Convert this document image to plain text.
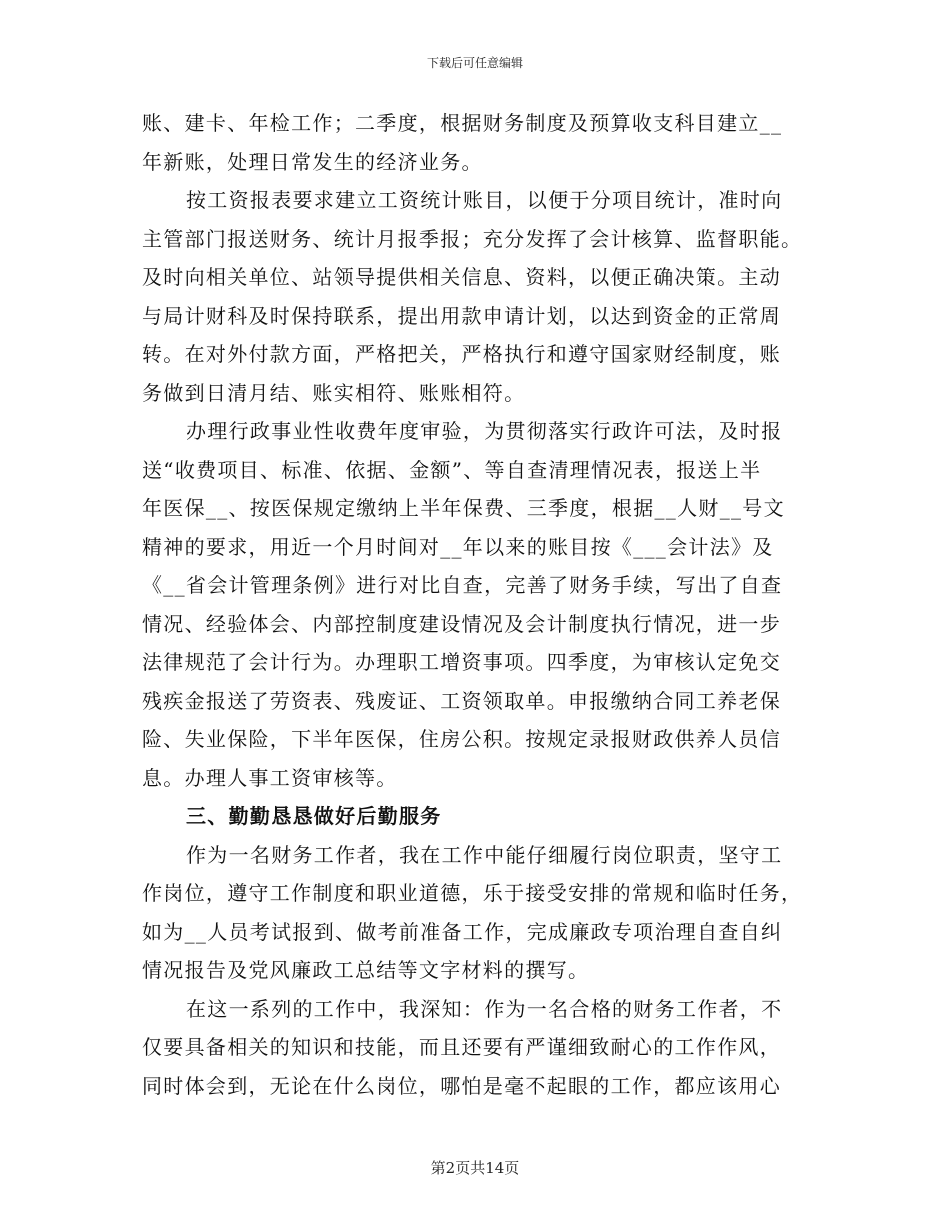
下载后可任意编辑
账、建卡、年检工作；二季度，根据财务制度及预算收支科目建立__
年新账，处理日常发生的经济业务。
按工资报表要求建立工资统计账目，以便于分项目统计，准时向
主管部门报送财务、统计月报季报；充分发挥了会计核算、监督职能。
及时向相关单位、站领导提供相关信息、资料，以便正确决策。主动
与局计财科及时保持联系，提出用款申请计划，以达到资金的正常周
转。在对外付款方面，严格把关，严格执行和遵守国家财经制度，账
务做到日清月结、账实相符、账账相符。
办理行政事业性收费年度审验，为贯彻落实行政许可法，及时报
送“收费项目、标准、依据、金额”、等自查清理情况表，报送上半
年医保__、按医保规定缴纳上半年保费、三季度，根据__人财__号文
精神的要求，用近一个月时间对__年以来的账目按《___会计法》及
《__省会计管理条例》进行对比自查，完善了财务手续，写出了自查
情况、经验体会、内部控制度建设情况及会计制度执行情况，进一步
法律规范了会计行为。办理职工增资事项。四季度，为审核认定免交
残疾金报送了劳资表、残废证、工资领取单。申报缴纳合同工养老保
险、失业保险，下半年医保，住房公积。按规定录报财政供养人员信
息。办理人事工资审核等。
三、勤勤恳恳做好后勤服务
作为一名财务工作者，我在工作中能仔细履行岗位职责，坚守工
作岗位，遵守工作制度和职业道德，乐于接受安排的常规和临时任务，
如为__人员考试报到、做考前准备工作，完成廉政专项治理自查自纠
情况报告及党风廉政工总结等文字材料的撰写。
在这一系列的工作中，我深知：作为一名合格的财务工作者，不
仅要具备相关的知识和技能，而且还要有严谨细致耐心的工作作风，
同时体会到，无论在什么岗位，哪怕是毫不起眼的工作，都应该用心
第2页共14页
